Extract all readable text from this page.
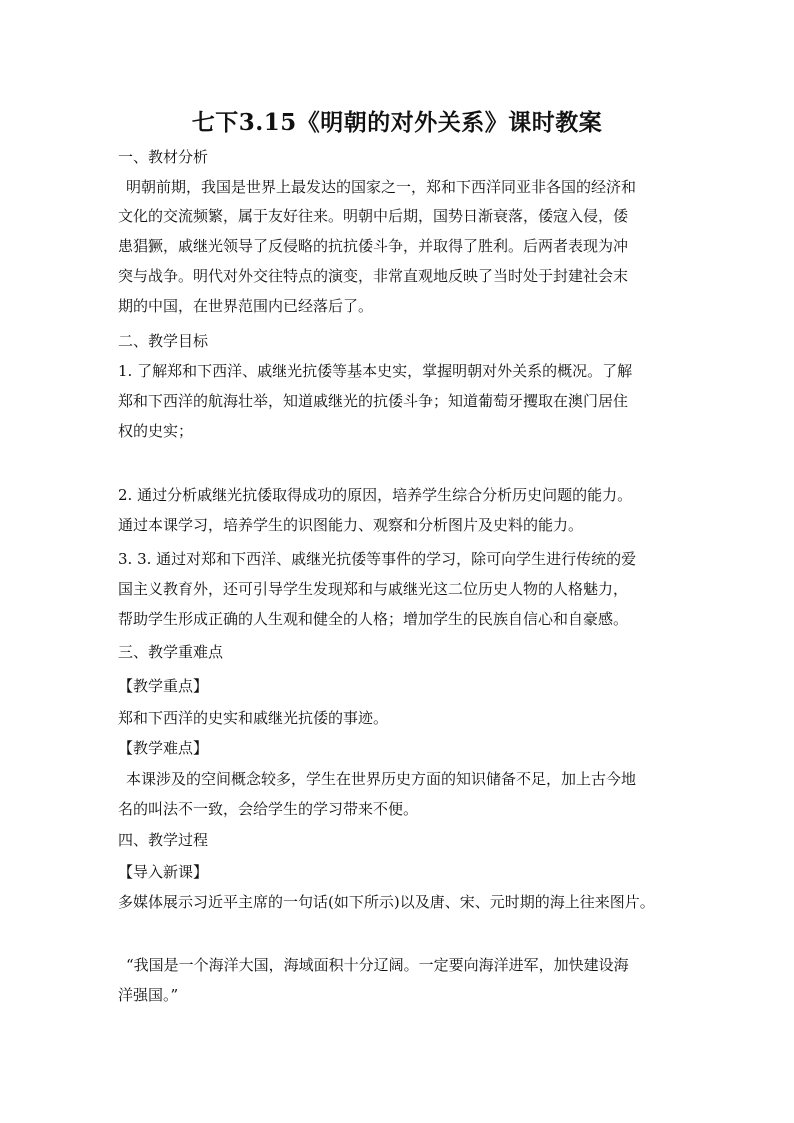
七下3.15《明朝的对外关系》课时教案
一、教材分析
明朝前期，我国是世界上最发达的国家之一，郑和下西洋同亚非各国的经济和
文化的交流频繁，属于友好往来。明朝中后期，国势日渐衰落，倭寇入侵，倭
患猖獗，戚继光领导了反侵略的抗抗倭斗争，并取得了胜利。后两者表现为冲
突与战争。明代对外交往特点的演变，非常直观地反映了当时处于封建社会末
期的中国，在世界范围内已经落后了。
二、教学目标
1. 了解郑和下西洋、戚继光抗倭等基本史实，掌握明朝对外关系的概况。了解
郑和下西洋的航海壮举，知道戚继光的抗倭斗争；知道葡萄牙攫取在澳门居住
权的史实；
2. 通过分析戚继光抗倭取得成功的原因，培养学生综合分析历史问题的能力。
通过本课学习，培养学生的识图能力、观察和分析图片及史料的能力。
3. 3. 通过对郑和下西洋、戚继光抗倭等事件的学习，除可向学生进行传统的爱
国主义教育外，还可引导学生发现郑和与戚继光这二位历史人物的人格魅力，
帮助学生形成正确的人生观和健全的人格；增加学生的民族自信心和自豪感。
三、教学重难点
【教学重点】
郑和下西洋的史实和戚继光抗倭的事迹。
【教学难点】
本课涉及的空间概念较多，学生在世界历史方面的知识储备不足，加上古今地
名的叫法不一致，会给学生的学习带来不便。
四、教学过程
【导入新课】
多媒体展示习近平主席的一句话(如下所示)以及唐、宋、元时期的海上往来图片。
“我国是一个海洋大国，海域面积十分辽阔。一定要向海洋进军，加快建设海
洋强国。”
